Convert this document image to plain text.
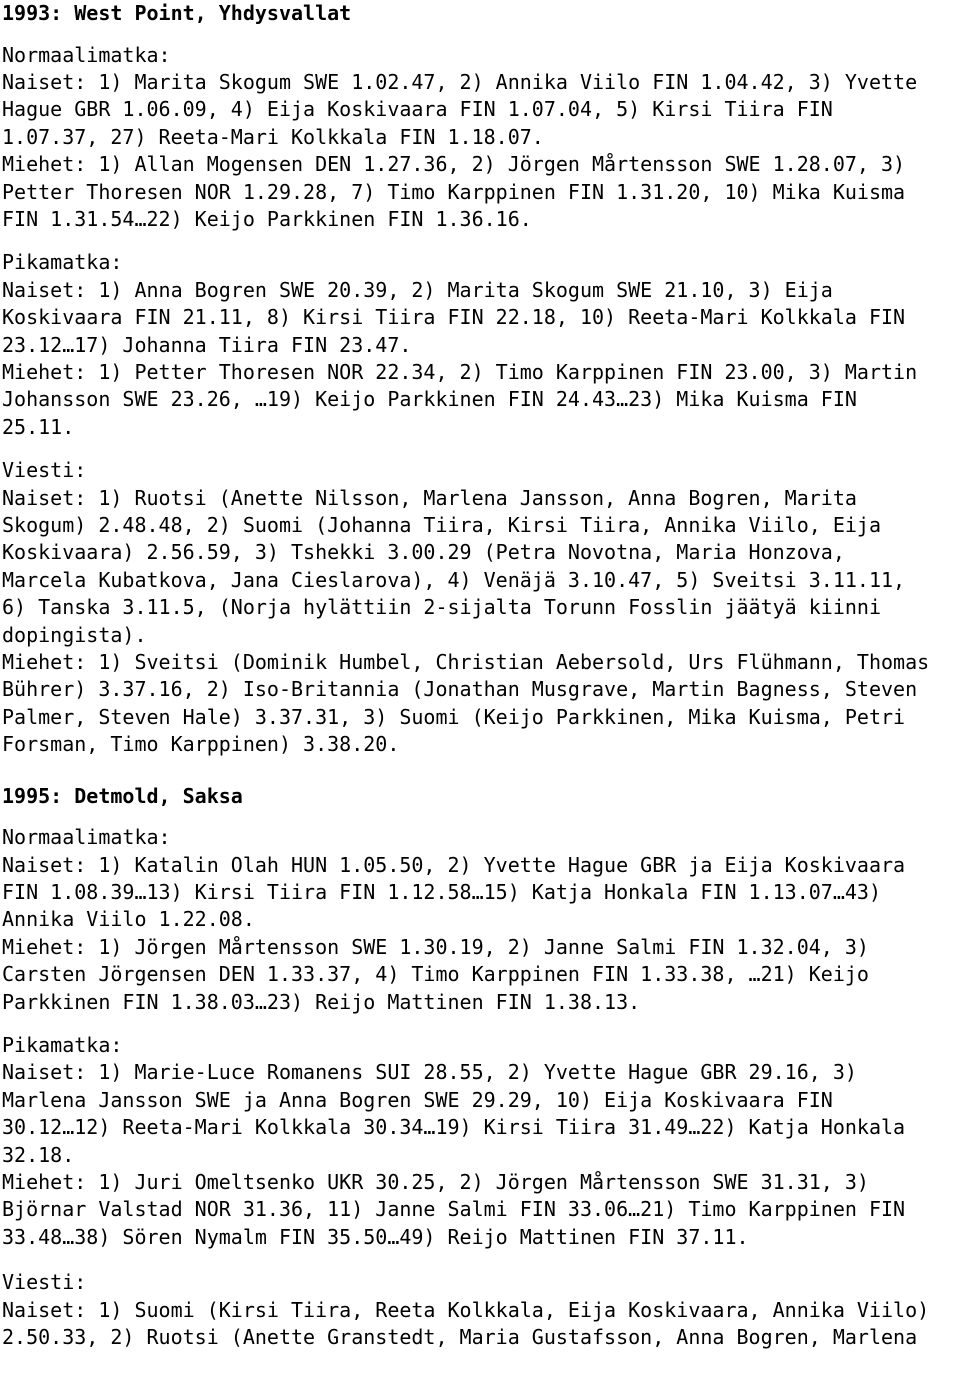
1993: West Point, Yhdysvallat
Normaalimatka:
Naiset: 1) Marita Skogum SWE 1.02.47, 2) Annika Viilo FIN 1.04.42, 3) Yvette
Hague GBR 1.06.09, 4) Eija Koskivaara FIN 1.07.04, 5) Kirsi Tiira FIN
1.07.37, 27) Reeta-Mari Kolkkala FIN 1.18.07.
Miehet: 1) Allan Mogensen DEN 1.27.36, 2) Jörgen Mårtensson SWE 1.28.07, 3)
Petter Thoresen NOR 1.29.28, 7) Timo Karppinen FIN 1.31.20, 10) Mika Kuisma
FIN 1.31.54…22) Keijo Parkkinen FIN 1.36.16.
Pikamatka:
Naiset: 1) Anna Bogren SWE 20.39, 2) Marita Skogum SWE 21.10, 3) Eija
Koskivaara FIN 21.11, 8) Kirsi Tiira FIN 22.18, 10) Reeta-Mari Kolkkala FIN
23.12…17) Johanna Tiira FIN 23.47.
Miehet: 1) Petter Thoresen NOR 22.34, 2) Timo Karppinen FIN 23.00, 3) Martin
Johansson SWE 23.26, …19) Keijo Parkkinen FIN 24.43…23) Mika Kuisma FIN
25.11.
Viesti:
Naiset: 1) Ruotsi (Anette Nilsson, Marlena Jansson, Anna Bogren, Marita
Skogum) 2.48.48, 2) Suomi (Johanna Tiira, Kirsi Tiira, Annika Viilo, Eija
Koskivaara) 2.56.59, 3) Tshekki 3.00.29 (Petra Novotna, Maria Honzova,
Marcela Kubatkova, Jana Cieslarova), 4) Venäjä 3.10.47, 5) Sveitsi 3.11.11,
6) Tanska 3.11.5, (Norja hylättiin 2-sijalta Torunn Fosslin jäätyä kiinni
dopingista).
Miehet: 1) Sveitsi (Dominik Humbel, Christian Aebersold, Urs Flühmann, Thomas
Bührer) 3.37.16, 2) Iso-Britannia (Jonathan Musgrave, Martin Bagness, Steven
Palmer, Steven Hale) 3.37.31, 3) Suomi (Keijo Parkkinen, Mika Kuisma, Petri
Forsman, Timo Karppinen) 3.38.20.
1995: Detmold, Saksa
Normaalimatka:
Naiset: 1) Katalin Olah HUN 1.05.50, 2) Yvette Hague GBR ja Eija Koskivaara
FIN 1.08.39…13) Kirsi Tiira FIN 1.12.58…15) Katja Honkala FIN 1.13.07…43)
Annika Viilo 1.22.08.
Miehet: 1) Jörgen Mårtensson SWE 1.30.19, 2) Janne Salmi FIN 1.32.04, 3)
Carsten Jörgensen DEN 1.33.37, 4) Timo Karppinen FIN 1.33.38, …21) Keijo
Parkkinen FIN 1.38.03…23) Reijo Mattinen FIN 1.38.13.
Pikamatka:
Naiset: 1) Marie-Luce Romanens SUI 28.55, 2) Yvette Hague GBR 29.16, 3)
Marlena Jansson SWE ja Anna Bogren SWE 29.29, 10) Eija Koskivaara FIN
30.12…12) Reeta-Mari Kolkkala 30.34…19) Kirsi Tiira 31.49…22) Katja Honkala
32.18.
Miehet: 1) Juri Omeltsenko UKR 30.25, 2) Jörgen Mårtensson SWE 31.31, 3)
Björnar Valstad NOR 31.36, 11) Janne Salmi FIN 33.06…21) Timo Karppinen FIN
33.48…38) Sören Nymalm FIN 35.50…49) Reijo Mattinen FIN 37.11.
Viesti:
Naiset: 1) Suomi (Kirsi Tiira, Reeta Kolkkala, Eija Koskivaara, Annika Viilo)
2.50.33, 2) Ruotsi (Anette Granstedt, Maria Gustafsson, Anna Bogren, Marlena
